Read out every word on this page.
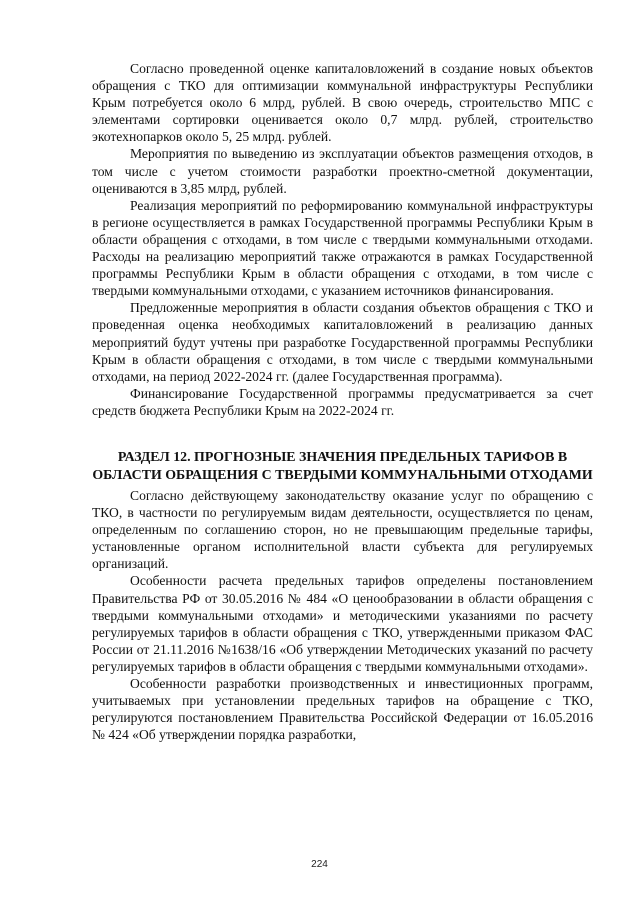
Согласно проведенной оценке капиталовложений в создание новых объектов обращения с ТКО для оптимизации коммунальной инфраструктуры Республики Крым потребуется около 6 млрд, рублей. В свою очередь, строительство МПС с элементами сортировки оценивается около 0,7 млрд. рублей, строительство экотехнопарков около 5, 25 млрд. рублей.

Мероприятия по выведению из эксплуатации объектов размещения отходов, в том числе с учетом стоимости разработки проектно-сметной документации, оцениваются в 3,85 млрд, рублей.

Реализация мероприятий по реформированию коммунальной инфраструктуры в регионе осуществляется в рамках Государственной программы Республики Крым в области обращения с отходами, в том числе с твердыми коммунальными отходами. Расходы на реализацию мероприятий также отражаются в рамках Государственной программы Республики Крым в области обращения с отходами, в том числе с твердыми коммунальными отходами, с указанием источников финансирования.

Предложенные мероприятия в области создания объектов обращения с ТКО и проведенная оценка необходимых капиталовложений в реализацию данных мероприятий будут учтены при разработке Государственной программы Республики Крым в области обращения с отходами, в том числе с твердыми коммунальными отходами, на период 2022-2024 гг. (далее Государственная программа).

Финансирование Государственной программы предусматривается за счет средств бюджета Республики Крым на 2022-2024 гг.

РАЗДЕЛ 12. ПРОГНОЗНЫЕ ЗНАЧЕНИЯ ПРЕДЕЛЬНЫХ ТАРИФОВ В ОБЛАСТИ ОБРАЩЕНИЯ С ТВЕРДЫМИ КОММУНАЛЬНЫМИ ОТХОДАМИ

Согласно действующему законодательству оказание услуг по обращению с ТКО, в частности по регулируемым видам деятельности, осуществляется по ценам, определенным по соглашению сторон, но не превышающим предельные тарифы, установленные органом исполнительной власти субъекта для регулируемых организаций.

Особенности расчета предельных тарифов определены постановлением Правительства РФ от 30.05.2016 № 484 «О ценообразовании в области обращения с твердыми коммунальными отходами» и методическими указаниями по расчету регулируемых тарифов в области обращения с ТКО, утвержденными приказом ФАС России от 21.11.2016 №1638/16 «Об утверждении Методических указаний по расчету регулируемых тарифов в области обращения с твердыми коммунальными отходами».

Особенности разработки производственных и инвестиционных программ, учитываемых при установлении предельных тарифов на обращение с ТКО, регулируются постановлением Правительства Российской Федерации от 16.05.2016 № 424 «Об утверждении порядка разработки,

224
